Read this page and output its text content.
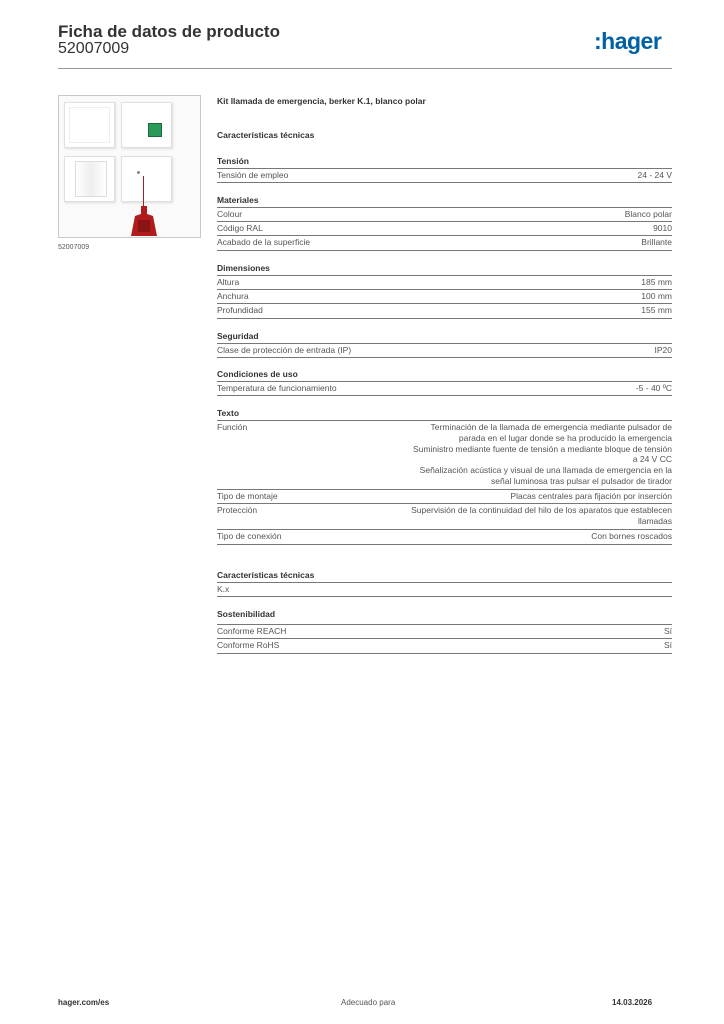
Ficha de datos de producto
52007009	:hager
52007009
Kit llamada de emergencia, berker K.1, blanco polar
Características técnicas
Tensión
Tensión de empleo	24 - 24 V
Materiales
Colour	Blanco polar
Código RAL	9010
Acabado de la superficie	Brillante
Dimensiones
Altura	185 mm
Anchura	100 mm
Profundidad	155 mm
Seguridad
Clase de protección de entrada (IP)	IP20
Condiciones de uso
Temperatura de funcionamiento	-5 - 40 ºC
Texto
Función	Terminación de la llamada de emergencia mediante pulsador de
parada en el lugar donde se ha producido la emergencia
Suministro mediante fuente de tensión a mediante bloque de tensión
a 24 V CC
Señalización acústica y visual de una llamada de emergencia en la
señal luminosa tras pulsar el pulsador de tirador
Tipo de montaje	Placas centrales para fijación por inserción
Protección	Supervisión de la continuidad del hilo de los aparatos que establecen
llamadas
Tipo de conexión	Con bornes roscados
Características técnicas
K.x
Sostenibilidad
Conforme REACH	Sí
Conforme RoHS	Sí
hager.com/es	Adecuado para	14.03.2026
